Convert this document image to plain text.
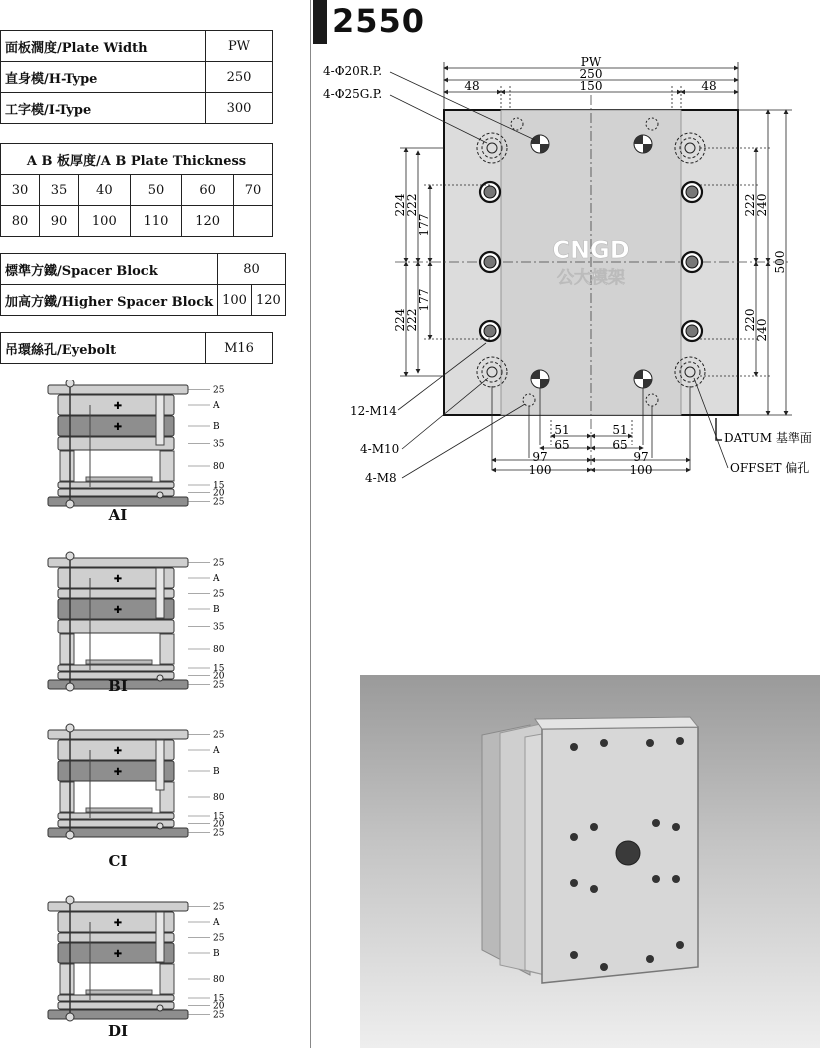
面板濶度/Plate Width	PW
直身模/H-Type	250
工字模/I-Type	300
A B 板厚度/A B Plate Thickness					
30	35	40	50	60	70
80	90	100	110	120	
標準方鐵/Spacer Block	80	
加高方鐵/Higher Spacer Block	100	120
吊環絲孔/Eyebolt	M16
✚
✚
25
A
B
35
80
15
20
25
✚
✚
25
A
25
B
35
80
15
20
25
✚
✚
25
A
B
80
15
20
25
✚
✚
25
A
25
B
80
15
20
25
AI
BI
CI
DI
2550
CNGD
公大模架
PW
250
150
48	48
4-Φ20R.P.
4-Φ25G.P.
224
222
177
224
222
177
222
240
500
220
240
51
65
51
65
97
100
97
100
12-M14
4-M10
4-M8
DATUM 基準面
OFFSET 偏孔
